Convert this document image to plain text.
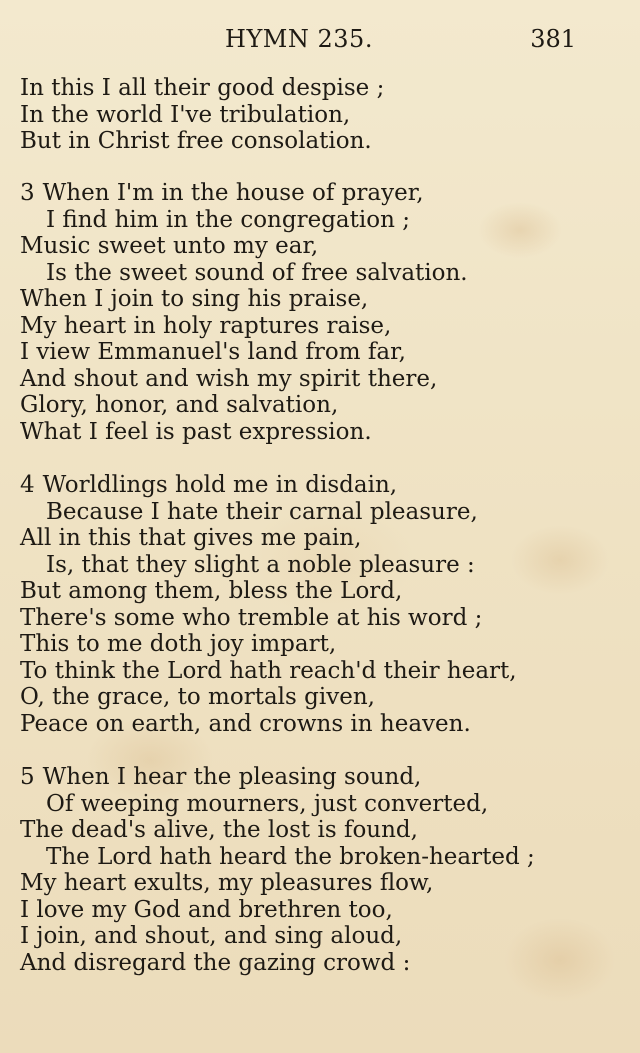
HYMN 235.	381
In this I all their good despise ;
In the world I've tribulation,
But in Christ free consolation.
3 When I'm in the house of prayer,
I find him in the congregation ;
Music sweet unto my ear,
Is the sweet sound of free salvation.
When I join to sing his praise,
My heart in holy raptures raise,
I view Emmanuel's land from far,
And shout and wish my spirit there,
Glory, honor, and salvation,
What I feel is past expression.
4 Worldlings hold me in disdain,
Because I hate their carnal pleasure,
All in this that gives me pain,
Is, that they slight a noble pleasure :
But among them, bless the Lord,
There's some who tremble at his word ;
This to me doth joy impart,
To think the Lord hath reach'd their heart,
O, the grace, to mortals given,
Peace on earth, and crowns in heaven.
5 When I hear the pleasing sound,
Of weeping mourners, just converted,
The dead's alive, the lost is found,
The Lord hath heard the broken-hearted ;
My heart exults, my pleasures flow,
I love my God and brethren too,
I join, and shout, and sing aloud,
And disregard the gazing crowd :
